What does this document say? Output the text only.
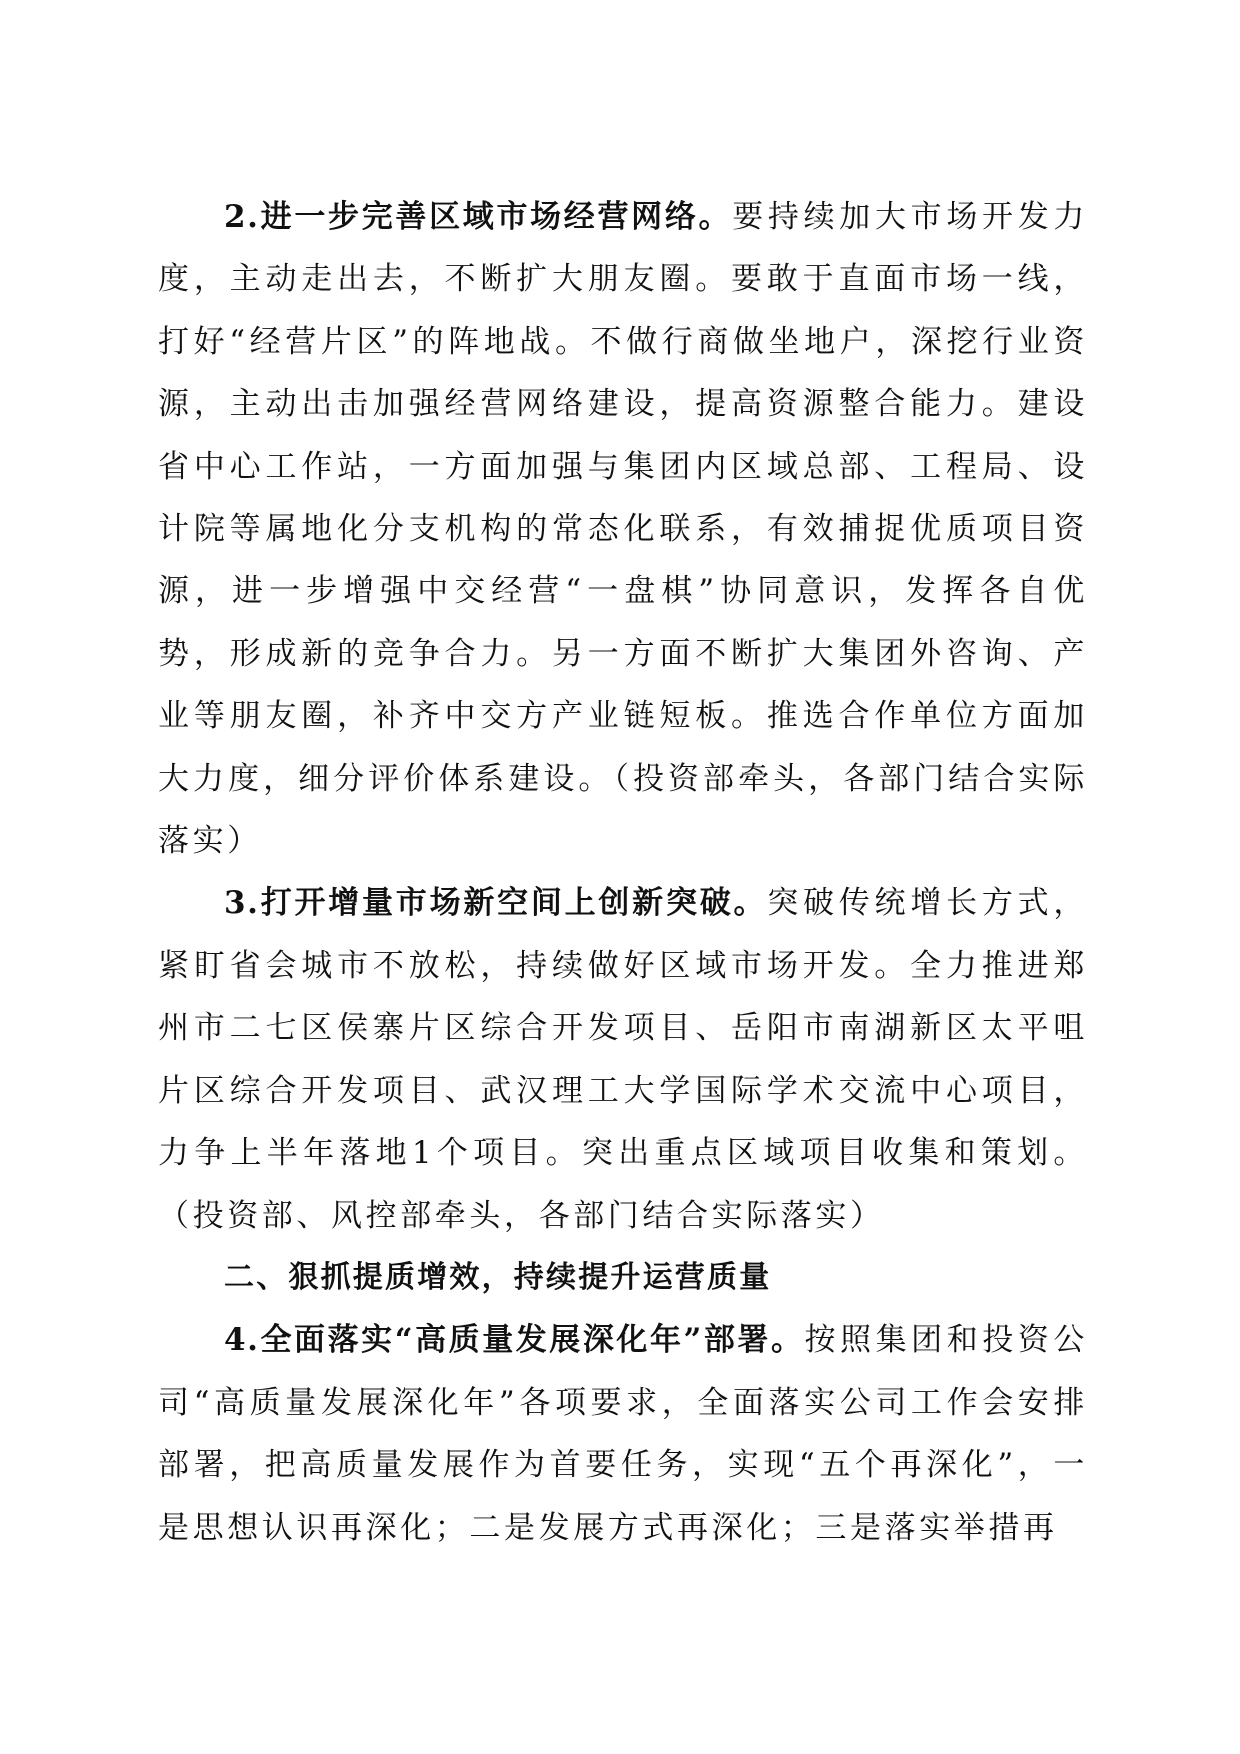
2.进一步完善区域市场经营网络。要持续加大市场开发力度，主动走出去，不断扩大朋友圈。要敢于直面市场一线，打好“经营片区”的阵地战。不做行商做坐地户，深挖行业资源，主动出击加强经营网络建设，提高资源整合能力。建设省中心工作站，一方面加强与集团内区域总部、工程局、设计院等属地化分支机构的常态化联系，有效捕捉优质项目资源，进一步增强中交经营“一盘棋”协同意识，发挥各自优势，形成新的竞争合力。另一方面不断扩大集团外咨询、产业等朋友圈，补齐中交方产业链短板。推选合作单位方面加大力度，细分评价体系建设。（投资部牵头，各部门结合实际落实）

3.打开增量市场新空间上创新突破。突破传统增长方式，紧盯省会城市不放松，持续做好区域市场开发。全力推进郑州市二七区侯寨片区综合开发项目、岳阳市南湖新区太平咀片区综合开发项目、武汉理工大学国际学术交流中心项目，力争上半年落地1个项目。突出重点区域项目收集和策划。（投资部、风控部牵头，各部门结合实际落实）

二、狠抓提质增效，持续提升运营质量

4.全面落实“高质量发展深化年”部署。按照集团和投资公司“高质量发展深化年”各项要求，全面落实公司工作会安排部署，把高质量发展作为首要任务，实现“五个再深化”，一是思想认识再深化；二是发展方式再深化；三是落实举措再
